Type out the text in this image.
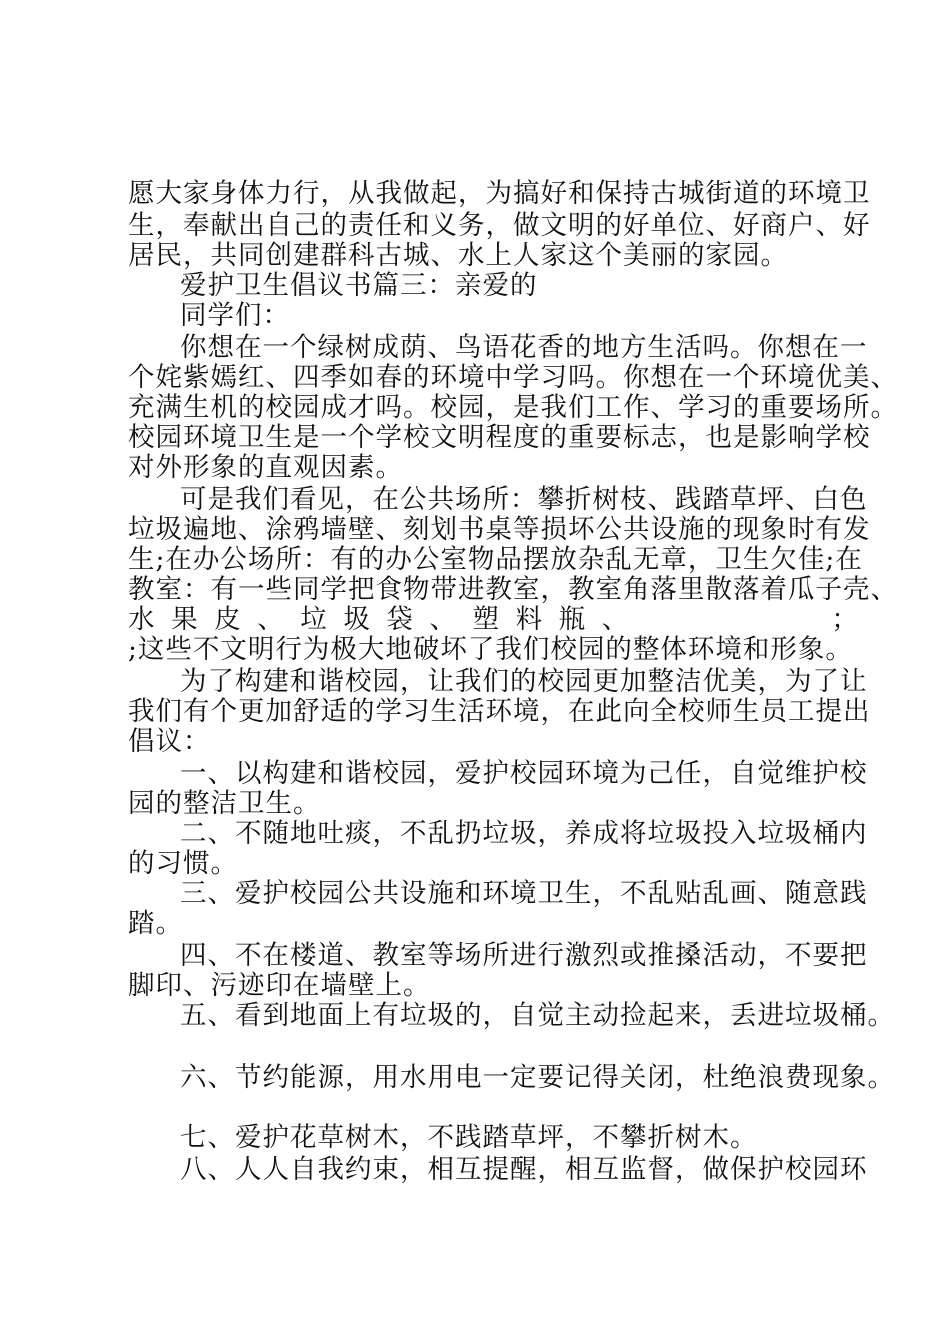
愿大家身体力行，从我做起，为搞好和保持古城街道的环境卫
生，奉献出自己的责任和义务，做文明的好单位、好商户、好
居民，共同创建群科古城、水上人家这个美丽的家园。
爱护卫生倡议书篇三：亲爱的
同学们：
你想在一个绿树成荫、鸟语花香的地方生活吗。你想在一
个姹紫嫣红、四季如春的环境中学习吗。你想在一个环境优美、
充满生机的校园成才吗。校园，是我们工作、学习的重要场所。
校园环境卫生是一个学校文明程度的重要标志，也是影响学校
对外形象的直观因素。
可是我们看见，在公共场所：攀折树枝、践踏草坪、白色
垃圾遍地、涂鸦墙壁、刻划书桌等损坏公共设施的现象时有发
生;在办公场所：有的办公室物品摆放杂乱无章，卫生欠佳;在
教室：有一些同学把食物带进教室，教室角落里散落着瓜子壳、
水 果 皮 、 垃 圾 袋 、 塑 料 瓶 、	；
;这些不文明行为极大地破坏了我们校园的整体环境和形象。
为了构建和谐校园，让我们的校园更加整洁优美，为了让
我们有个更加舒适的学习生活环境，在此向全校师生员工提出
倡议：
一、以构建和谐校园，爱护校园环境为己任，自觉维护校
园的整洁卫生。
二、不随地吐痰，不乱扔垃圾，养成将垃圾投入垃圾桶内
的习惯。
三、爱护校园公共设施和环境卫生，不乱贴乱画、随意践
踏。
四、不在楼道、教室等场所进行激烈或推搡活动，不要把
脚印、污迹印在墙壁上。
五、看到地面上有垃圾的，自觉主动捡起来，丢进垃圾桶。
六、节约能源，用水用电一定要记得关闭，杜绝浪费现象。
七、爱护花草树木，不践踏草坪，不攀折树木。
八、人人自我约束，相互提醒，相互监督，做保护校园环
